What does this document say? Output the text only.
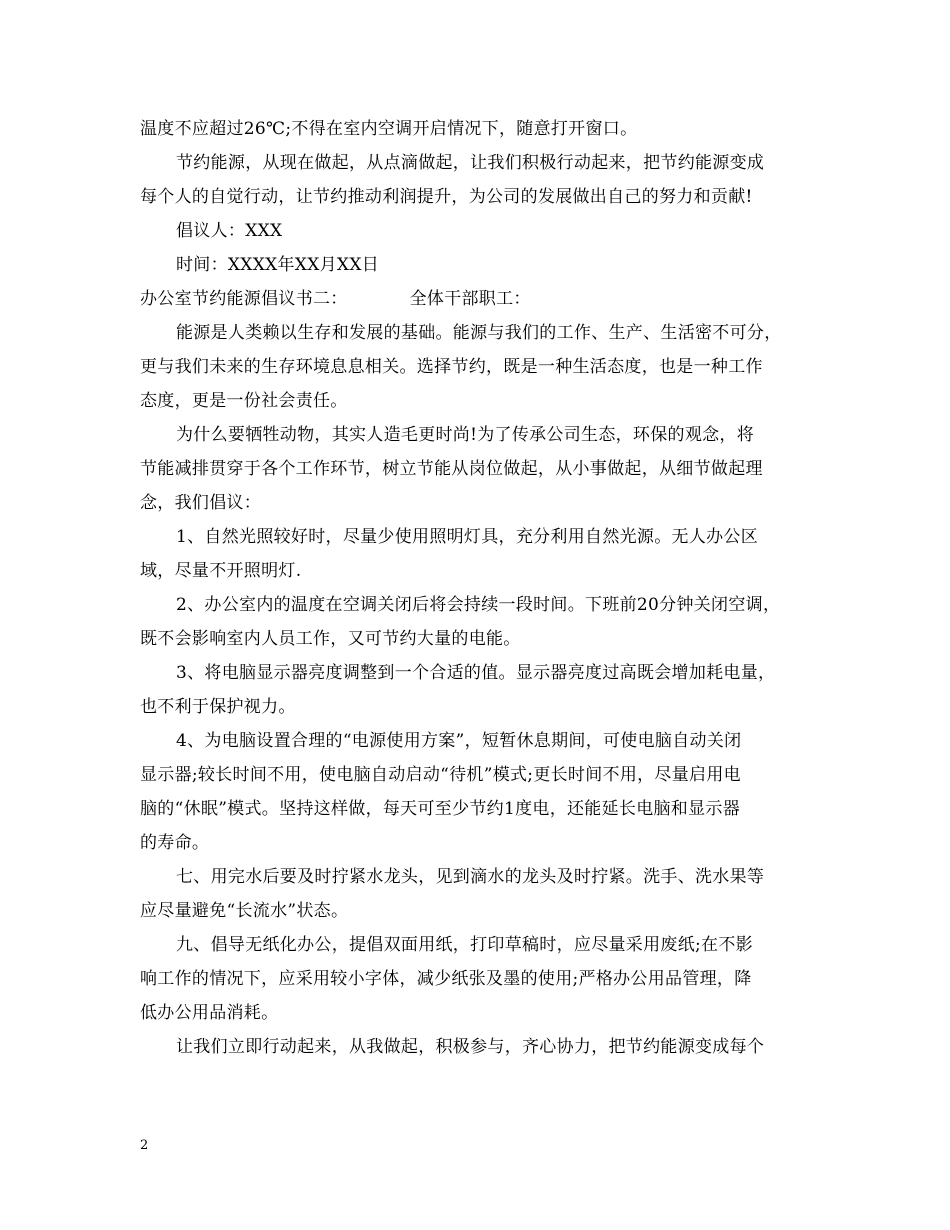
温度不应超过26℃;不得在室内空调开启情况下，随意打开窗口。
节约能源，从现在做起，从点滴做起，让我们积极行动起来，把节约能源变成
每个人的自觉行动，让节约推动利润提升，为公司的发展做出自己的努力和贡献!
倡议人：XXX
时间：XXXX年XX月XX日
办公室节约能源倡议书二：	全体干部职工：
能源是人类赖以生存和发展的基础。能源与我们的工作、生产、生活密不可分，
更与我们未来的生存环境息息相关。选择节约，既是一种生活态度，也是一种工作
态度，更是一份社会责任。
为什么要牺牲动物，其实人造毛更时尚!为了传承公司生态，环保的观念，将
节能减排贯穿于各个工作环节，树立节能从岗位做起，从小事做起，从细节做起理
念，我们倡议：
1、自然光照较好时，尽量少使用照明灯具，充分利用自然光源。无人办公区
域，尽量不开照明灯.
2、办公室内的温度在空调关闭后将会持续一段时间。下班前20分钟关闭空调，
既不会影响室内人员工作，又可节约大量的电能。
3、将电脑显示器亮度调整到一个合适的值。显示器亮度过高既会增加耗电量，
也不利于保护视力。
4、为电脑设置合理的“电源使用方案”，短暂休息期间，可使电脑自动关闭
显示器;较长时间不用，使电脑自动启动“待机”模式;更长时间不用，尽量启用电
脑的“休眠”模式。坚持这样做，每天可至少节约1度电，还能延长电脑和显示器
的寿命。
七、用完水后要及时拧紧水龙头，见到滴水的龙头及时拧紧。洗手、洗水果等
应尽量避免“长流水”状态。
九、倡导无纸化办公，提倡双面用纸，打印草稿时，应尽量采用废纸;在不影
响工作的情况下，应采用较小字体，减少纸张及墨的使用;严格办公用品管理，降
低办公用品消耗。
让我们立即行动起来，从我做起，积极参与，齐心协力，把节约能源变成每个
2
